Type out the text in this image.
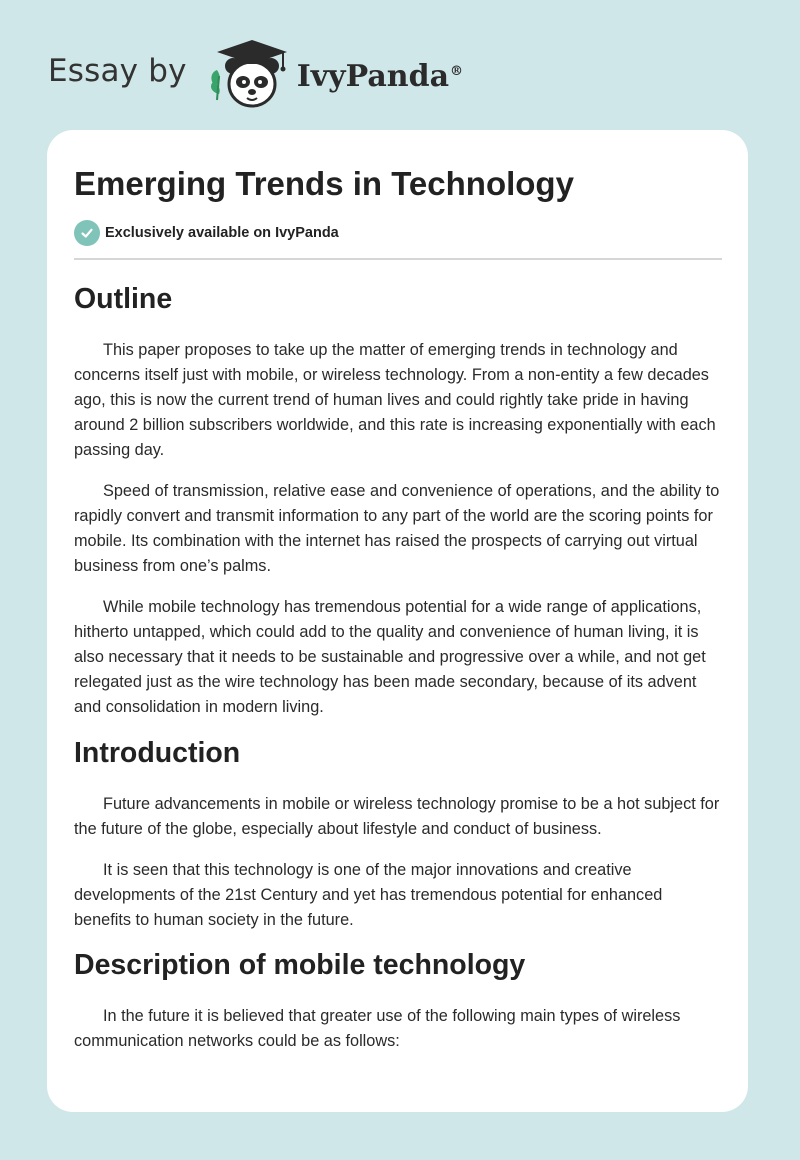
Essay by	IvyPanda®
Emerging Trends in Technology
Exclusively available on IvyPanda
Outline

This paper proposes to take up the matter of emerging trends in technology and concerns itself just with mobile, or wireless technology. From a non-entity a few decades ago, this is now the current trend of human lives and could rightly take pride in having around 2 billion subscribers worldwide, and this rate is increasing exponentially with each passing day.

Speed of transmission, relative ease and convenience of operations, and the ability to rapidly convert and transmit information to any part of the world are the scoring points for mobile. Its combination with the internet has raised the prospects of carrying out virtual business from one’s palms.

While mobile technology has tremendous potential for a wide range of applications, hitherto untapped, which could add to the quality and convenience of human living, it is also necessary that it needs to be sustainable and progressive over a while, and not get relegated just as the wire technology has been made secondary, because of its advent and consolidation in modern living.

Introduction

Future advancements in mobile or wireless technology promise to be a hot subject for the future of the globe, especially about lifestyle and conduct of business.

It is seen that this technology is one of the major innovations and creative developments of the 21st Century and yet has tremendous potential for enhanced benefits to human society in the future.

Description of mobile technology

In the future it is believed that greater use of the following main types of wireless communication networks could be as follows:
